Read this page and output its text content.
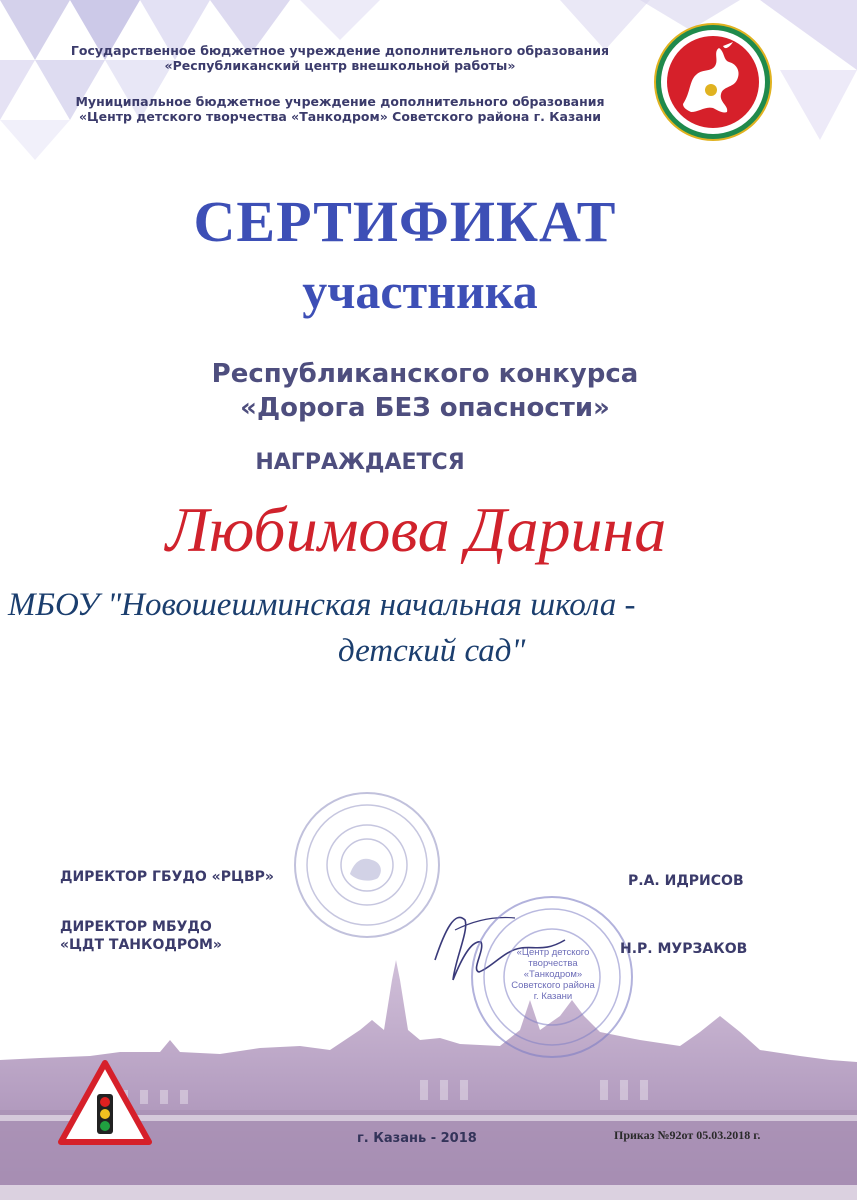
Государственное бюджетное учреждение дополнительного образования
«Республиканский центр внешкольной работы»
Муниципальное бюджетное учреждение дополнительного образования
«Центр детского творчества «Танкодром» Советского района г. Казани
СЕРТИФИКАТ
участника
Республиканского конкурса
«Дорога БЕЗ опасности»
НАГРАЖДАЕТСЯ
Любимова Дарина
МБОУ "Новошешминская начальная школа -
детский сад"
«Центр детского
творчества
«Танкодром»
Советского района
г. Казани
ДИРЕКТОР ГБУДО «РЦВР»
ДИРЕКТОР МБУДО
«ЦДТ ТАНКОДРОМ»
Р.А. ИДРИСОВ
Н.Р. МУРЗАКОВ
г. Казань - 2018	Приказ №92от 05.03.2018 г.
